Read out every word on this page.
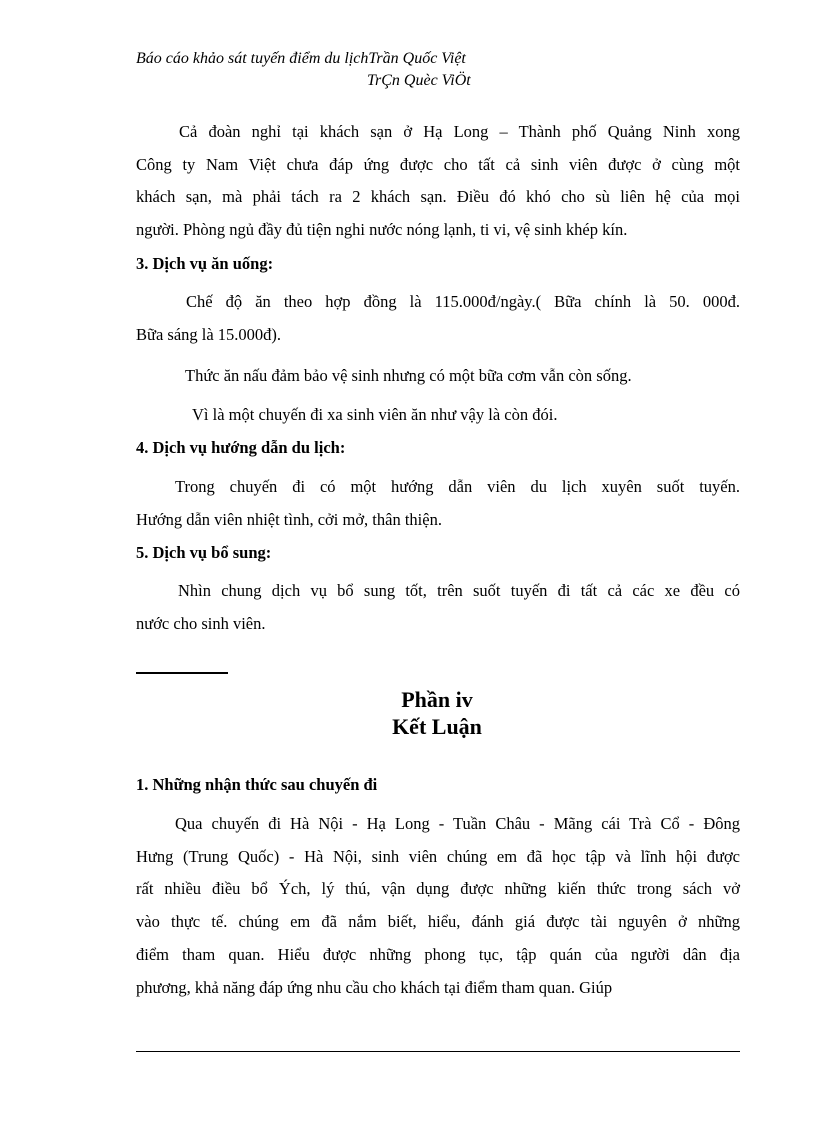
Báo cáo khảo sát tuyến điểm du lịchTrần Quốc Việt
TrÇn Quèc ViÖt
Cả đoàn nghỉ tại khách sạn ở Hạ Long – Thành phố Quảng Ninh xong
Công ty Nam Việt chưa đáp ứng được cho tất cả sinh viên được ở cùng một
khách sạn, mà phải tách ra 2 khách sạn. Điều đó khó cho sù liên hệ của mọi
người. Phòng ngủ đầy đủ tiện nghi nước nóng lạnh, ti vi, vệ sinh khép kín.
3. Dịch vụ ăn uống:
Chế độ ăn theo hợp đồng là 115.000đ/ngày.( Bữa chính là 50. 000đ.
Bữa sáng là 15.000đ).
Thức ăn nấu đảm bảo vệ sinh nhưng có một bữa cơm vẫn còn sống.
Vì là một chuyến đi xa sinh viên ăn như vậy là còn đói.
4. Dịch vụ hướng dẫn du lịch:
Trong chuyến đi có một hướng dẫn viên du lịch xuyên suốt tuyến.
Hướng dẫn viên nhiệt tình, cởi mở, thân thiện.
5. Dịch vụ bổ sung:
Nhìn chung dịch vụ bổ sung tốt, trên suốt tuyến đi tất cả các xe đều có
nước cho sinh viên.
Phần iv
Kết Luận
1. Những nhận thức sau chuyến đi
Qua chuyến đi Hà Nội - Hạ Long - Tuần Châu - Mãng cái Trà Cổ - Đông
Hưng (Trung Quốc) - Hà Nội, sinh viên chúng em đã học tập và lĩnh hội được
rất nhiều điều bổ Ých, lý thú, vận dụng được những kiến thức trong sách vở
vào thực tế. chúng em đã nắm biết, hiểu, đánh giá được tài nguyên ở những
điểm tham quan. Hiểu được những phong tục, tập quán của người dân địa
phương, khả năng đáp ứng nhu cầu cho khách tại điểm tham quan. Giúp
